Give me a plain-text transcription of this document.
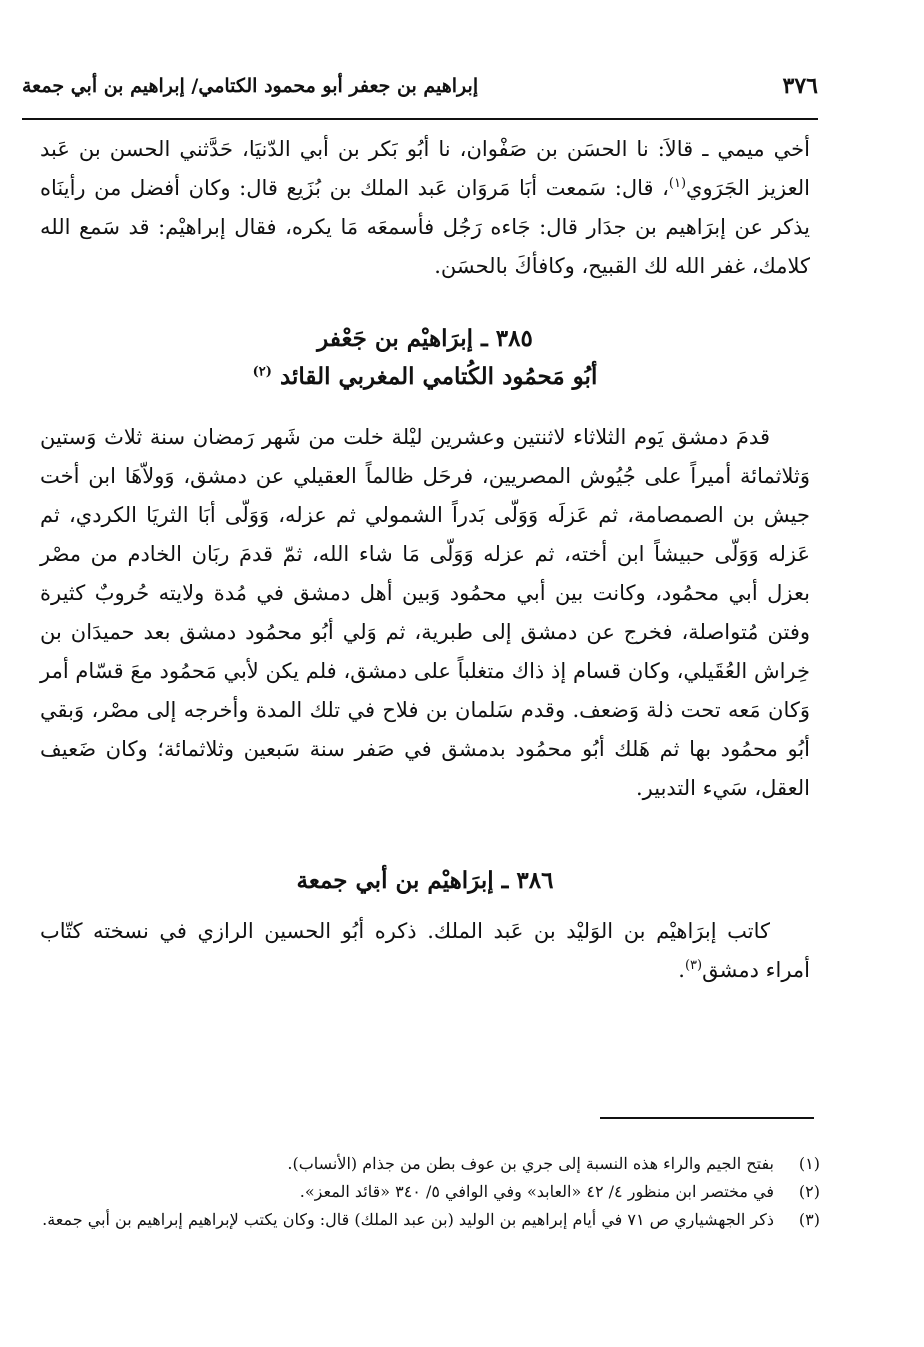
إبراهيم بن جعفر أبو محمود الكتامي/ إبراهيم بن أبي جمعة	٣٧٦

أخي ميمي ـ قالاَ: نا الحسَن بن صَفْوان، نا أبُو بَكر بن أبي الدّنيَا، حَدَّثني الحسن بن عَبد العزيز الجَرَوي$^{(١)}$، قال: سَمعت أبَا مَروَان عَبد الملك بن بُزَيع قال: وكان أفضل من رأينَاه يذكر عن إبرَاهيم بن جدَار قال: جَاءه رَجُل فأسمعَه مَا يكره، فقال إبراهيْم: قد سَمع الله كلامك، غفر الله لك القبيح، وكافأكَ بالحسَن.

٣٨٥ ـ إبرَاهيْم بن جَعْفر
أبُو مَحمُود الكُتامي المغربي القائد $^{(٢)}$

قدمَ دمشق يَوم الثلاثاء لاثنتين وعشرين ليْلة خلت من شَهر رَمضان سنة ثلاث وَستين وَثلاثمائة أميراً على جُيُوش المصريين، فرحَل ظالماً العقيلي عن دمشق، وَولاّهَا ابن أخت جيش بن الصمصامة، ثم عَزلَه وَوَلّى بَدراً الشمولي ثم عزله، وَوَلّى أبَا الثريَا الكردي، ثم عَزله وَوَلّى حبيشاً ابن أخته، ثم عزله وَوَلّى مَا شاء الله، ثمّ قدمَ ربَان الخادم من مصْر بعزل أبي محمُود، وكانت بين أبي محمُود وَبين أهل دمشق في مُدة ولايته حُروبٌ كثيرة وفتن مُتواصلة، فخرج عن دمشق إلى طبرية، ثم وَلي أبُو محمُود دمشق بعد حميدَان بن خِراش العُقَيلي، وكان قسام إذ ذاك متغلباً على دمشق، فلم يكن لأبي مَحمُود معَ قسّام أمر وَكان مَعه تحت ذلة وَضعف. وقدم سَلمان بن فلاح في تلك المدة وأخرجه إلى مصْر، وَبقي أبُو محمُود بها ثم هَلك أبُو محمُود بدمشق في صَفر سنة سَبعين وثلاثمائة؛ وكان ضَعيف العقل، سَيء التدبير.

٣٨٦ ـ إبرَاهيْم بن أبي جمعة

كاتب إبرَاهيْم بن الوَليْد بن عَبد الملك. ذكره أبُو الحسين الرازي في نسخته كتّاب أمراء دمشق$^{(٣)}$.

(١)
بفتح الجيم والراء هذه النسبة إلى جري بن عوف بطن من جذام (الأنساب).
(٢)
في مختصر ابن منظور ٤/ ٤٢ «العابد» وفي الوافي ٥/ ٣٤٠ «قائد المعز».
(٣)
ذكر الجهشياري ص ٧١ في أيام إبراهيم بن الوليد (بن عبد الملك) قال: وكان يكتب لإبراهيم إبراهيم بن أبي جمعة.
